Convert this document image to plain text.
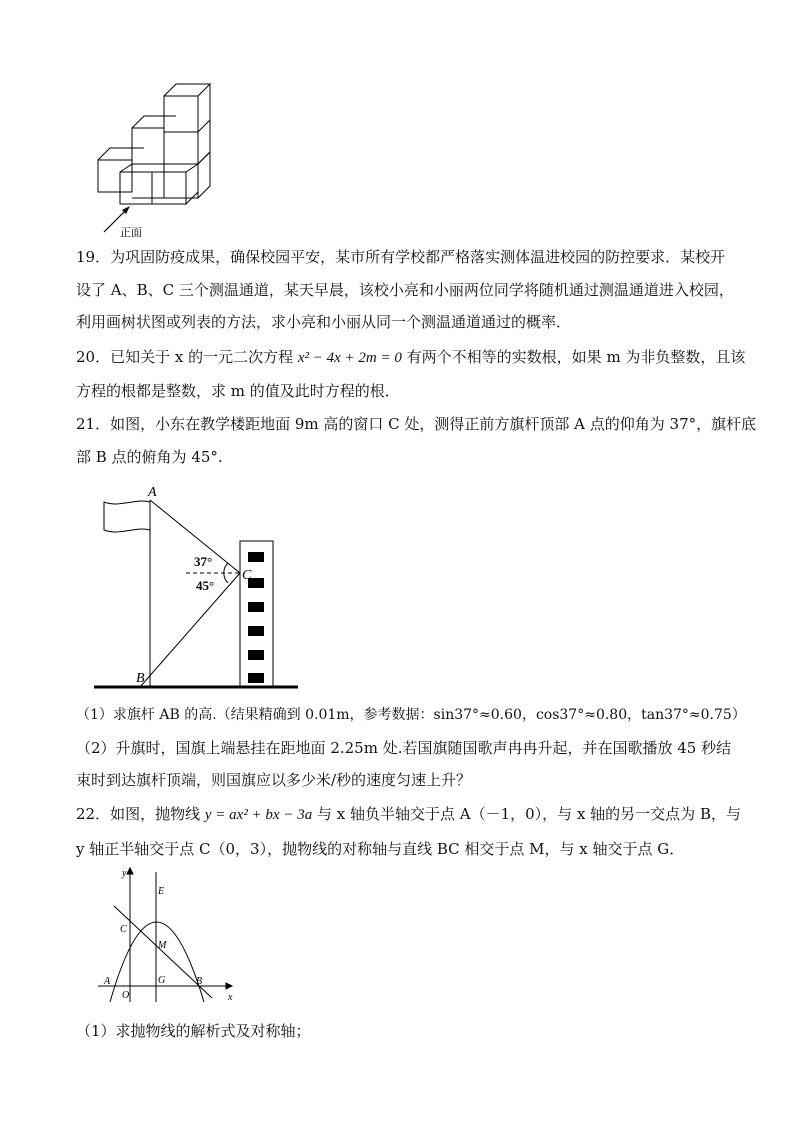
正面
19．为巩固防疫成果，确保校园平安，某市所有学校都严格落实测体温进校园的防控要求．某校开
设了 A、B、C 三个测温通道，某天早晨，该校小亮和小丽两位同学将随机通过测温通道进入校园，
利用画树状图或列表的方法，求小亮和小丽从同一个测温通道通过的概率．
20．已知关于 x 的一元二次方程 x² − 4x + 2m = 0 有两个不相等的实数根，如果 m 为非负整数，且该
方程的根都是整数，求 m 的值及此时方程的根．
21．如图，小东在教学楼距地面 9m 高的窗口 C 处，测得正前方旗杆顶部 A 点的仰角为 37°，旗杆底
部 B 点的俯角为 45°.
A
B
C
37°
45°
（1）求旗杆 AB 的高.（结果精确到 0.01m，参考数据：sin37°≈0.60，cos37°≈0.80，tan37°≈0.75）
（2）升旗时，国旗上端悬挂在距地面 2.25m 处.若国旗随国歌声冉冉升起，并在国歌播放 45 秒结
束时到达旗杆顶端，则国旗应以多少米/秒的速度匀速上升？
22．如图，抛物线 y = ax² + bx − 3a 与 x 轴负半轴交于点 A（－1，0），与 x 轴的另一交点为 B，与
y 轴正半轴交于点 C（0，3），抛物线的对称轴与直线 BC 相交于点 M，与 x 轴交于点 G．
y
x
E
C
M
A
O
G	B
（1）求抛物线的解析式及对称轴；
